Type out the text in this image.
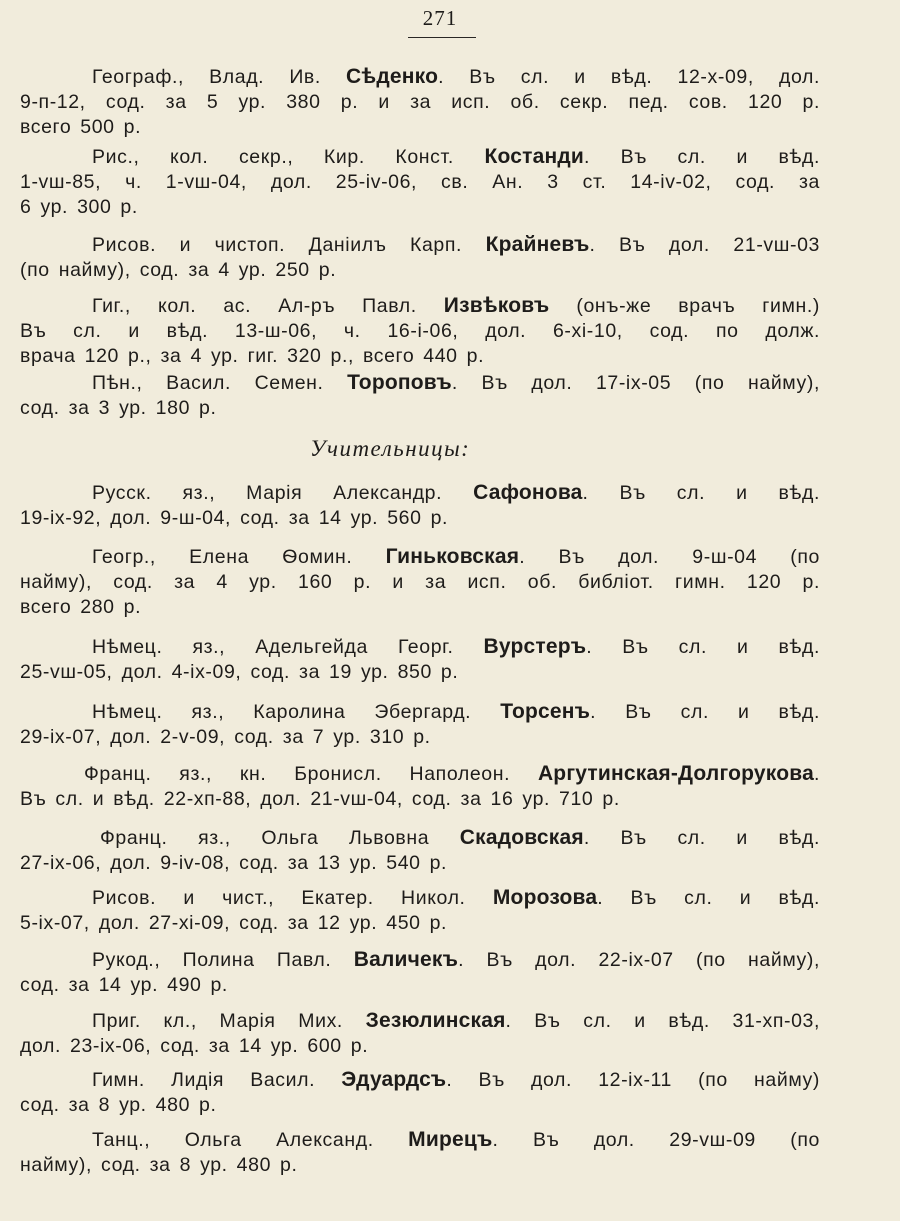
271
Географ., Влад. Ив. Сѣденко. Въ сл. и вѣд. 12-х-09, дол.
9-п-12, сод. за 5 ур. 380 р. и за исп. об. секр. пед. сов. 120 р.
всего 500 р.
Рис., кол. секр., Кир. Конст. Костанди. Въ сл. и вѣд.
1-vш-85, ч. 1-vш-04, дол. 25-iv-06, св. Ан. 3 ст. 14-iv-02, сод. за
6 ур. 300 р.
Рисов. и чистоп. Даніилъ Карп. Крайневъ. Въ дол. 21-vш-03
(по найму), сод. за 4 ур. 250 р.
Гиг., кол. ас. Ал-ръ Павл. Извѣковъ (онъ-же врачъ гимн.)
Въ сл. и вѣд. 13-ш-06, ч. 16-i-06, дол. 6-хi-10, сод. по долж.
врача 120 р., за 4 ур. гиг. 320 р., всего 440 р.
Пѣн., Васил. Семен. Тороповъ. Въ дол. 17-iх-05 (по найму),
сод. за 3 ур. 180 р.
Учительницы:
Русск. яз., Марія Александр. Сафонова. Въ сл. и вѣд.
19-iх-92, дол. 9-ш-04, сод. за 14 ур. 560 р.
Геогр., Елена Ѳомин. Гиньковская. Въ дол. 9-ш-04 (по
найму), сод. за 4 ур. 160 р. и за исп. об. библіот. гимн. 120 р.
всего 280 р.
Нѣмец. яз., Адельгейда Георг. Вурстеръ. Въ сл. и вѣд.
25-vш-05, дол. 4-iх-09, сод. за 19 ур. 850 р.
Нѣмец. яз., Каролина Эбергард. Торсенъ. Въ сл. и вѣд.
29-iх-07, дол. 2-v-09, сод. за 7 ур. 310 р.
Франц. яз., кн. Бронисл. Наполеон. Аргутинская-Долгорукова.
Въ сл. и вѣд. 22-хп-88, дол. 21-vш-04, сод. за 16 ур. 710 р.
Франц. яз., Ольга Львовна Скадовская. Въ сл. и вѣд.
27-iх-06, дол. 9-iv-08, сод. за 13 ур. 540 р.
Рисов. и чист., Екатер. Никол. Морозова. Въ сл. и вѣд.
5-iх-07, дол. 27-хi-09, сод. за 12 ур. 450 р.
Рукод., Полина Павл. Валичекъ. Въ дол. 22-iх-07 (по найму),
сод. за 14 ур. 490 р.
Приг. кл., Марія Мих. Зезюлинская. Въ сл. и вѣд. 31-хп-03,
дол. 23-iх-06, сод. за 14 ур. 600 р.
Гимн. Лидія Васил. Эдуардсъ. Въ дол. 12-iх-11 (по найму)
сод. за 8 ур. 480 р.
Танц., Ольга Александ. Мирецъ. Въ дол. 29-vш-09 (по
найму), сод. за 8 ур. 480 р.
